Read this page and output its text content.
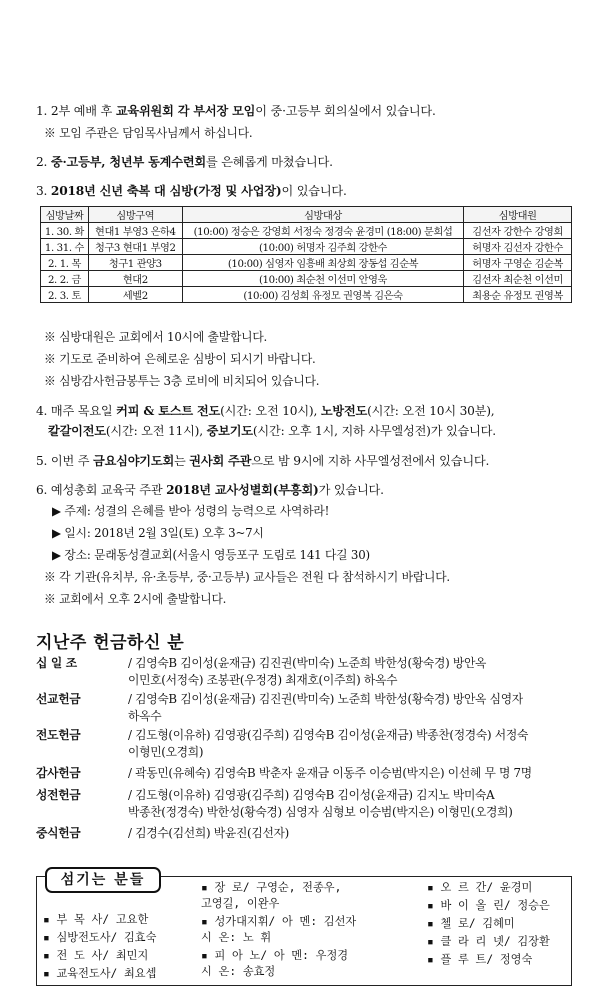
1. 2부 예배 후 교육위원회 각 부서장 모임이 중·고등부 회의실에서 있습니다.
※ 모임 주관은 담임목사님께서 하십니다.
2. 중·고등부, 청년부 동계수련회를 은혜롭게 마쳤습니다.
3. 2018년 신년 축복 대 심방(가정 및 사업장)이 있습니다.
심방날짜	심방구역	심방대상	심방대원
1. 30. 화	현대1 부영3 은하4	(10:00) 정승은 강영희 서정숙 정경숙 윤경미 (18:00) 문희섭	김선자 강한수 강영희
1. 31. 수	청구3 현대1 부영2	(10:00) 허명자 김주희 강한수	허명자 김선자 강한수
2. 1. 목	청구1 관양3	(10:00) 심영자 임흥배 최상희 장동섭 김순복	허명자 구영순 김순복
2. 2. 금	현대2	(10:00) 최순천 이선미 안영욱	김선자 최순천 이선미
2. 3. 토	세벨2	(10:00) 김성희 유정모 권영복 김은숙	최용순 유정모 권영복
※ 심방대원은 교회에서 10시에 출발합니다.
※ 기도로 준비하여 은혜로운 심방이 되시기 바랍니다.
※ 심방감사헌금봉투는 3층 로비에 비치되어 있습니다.
4. 매주 목요일 커피 & 토스트 전도(시간: 오전 10시), 노방전도(시간: 오전 10시 30분),
칼갈이전도(시간: 오전 11시), 중보기도(시간: 오후 1시, 지하 사무엘성전)가 있습니다.
5. 이번 주 금요심야기도회는 권사회 주관으로 밤 9시에 지하 사무엘성전에서 있습니다.
6. 예성총회 교육국 주관 2018년 교사성별회(부흥회)가 있습니다.
▶ 주제: 성결의 은혜를 받아 성령의 능력으로 사역하라!
▶ 일시: 2018년 2월 3일(토) 오후 3~7시
▶ 장소: 문래동성결교회(서울시 영등포구 도림로 141 다길 30)
※ 각 기관(유치부, 유·초등부, 중·고등부) 교사들은 전원 다 참석하시기 바랍니다.
※ 교회에서 오후 2시에 출발합니다.
지난주 헌금하신 분
십 일 조	/ 김영숙B 김이성(윤재금) 김진권(박미숙) 노준희 박한성(황숙경) 방안옥
이민호(서정숙) 조봉관(우정경) 최재호(이주희) 하옥수
선교헌금	/ 김영숙B 김이성(윤재금) 김진권(박미숙) 노준희 박한성(황숙경) 방안옥 심영자
하옥수
전도헌금	/ 김도형(이유하) 김영광(김주희) 김영숙B 김이성(윤재금) 박종찬(정경숙) 서정숙
이형민(오경희)
감사헌금	/ 곽동민(유혜숙) 김영숙B 박춘자 윤재금 이동주 이승범(박지은) 이선혜 무 명 7명
성전헌금	/ 김도형(이유하) 김영광(김주희) 김영숙B 김이성(윤재금) 김지노 박미숙A
박종찬(정경숙) 박한성(황숙경) 심영자 심형보 이승범(박지은) 이형민(오경희)
중식헌금	/ 김경수(김선희) 박윤진(김선자)
섬기는 분들
▪ 부 목 사/ 고요한
▪ 심방전도사/ 김효숙
▪ 전 도 사/ 최민지
▪ 교육전도사/ 최요셉
▪ 장 로/ 구영순, 전종우,
고영길, 이완우
▪ 성가대지휘/ 아 멘: 김선자
시 온: 노 휘
▪ 피 아 노/ 아 멘: 우정경
시 온: 송효정
▪ 오 르 간/ 윤경미
▪ 바 이 올 린/ 정승은
▪ 첼 로/ 김혜미
▪ 클 라 리 넷/ 김장환
▪ 플 루 트/ 정영숙
